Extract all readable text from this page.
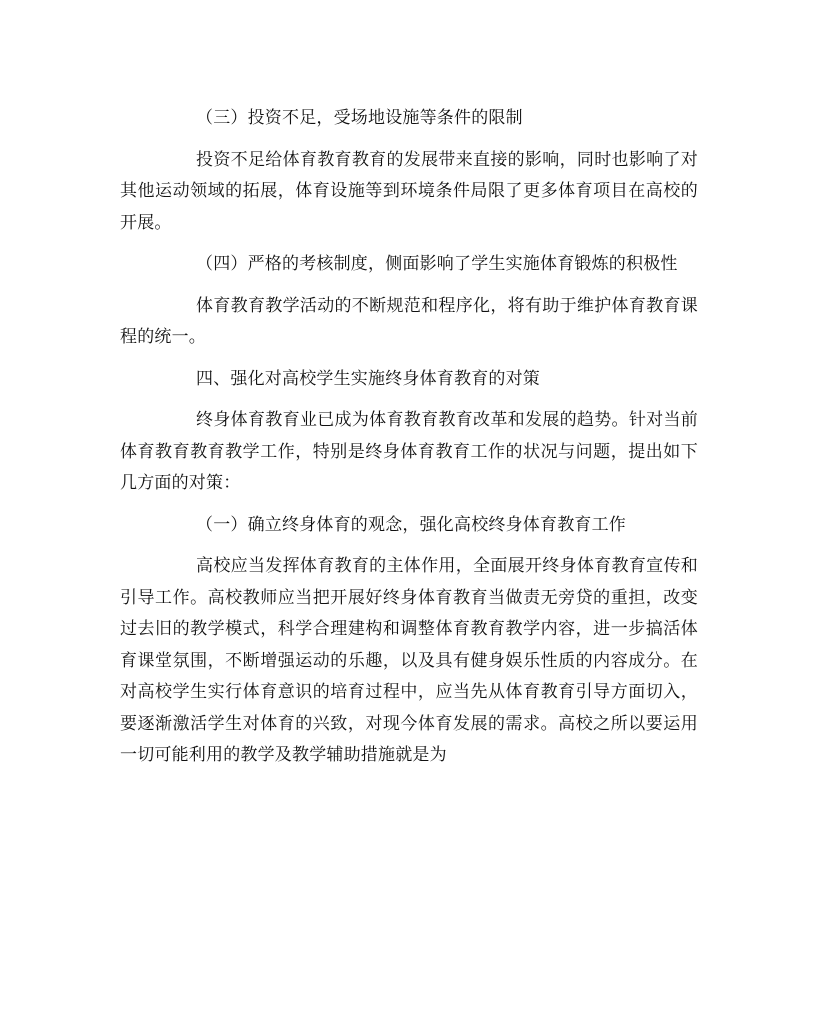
（三）投资不足，受场地设施等条件的限制

投资不足给体育教育教育的发展带来直接的影响，同时也影响了对其他运动领域的拓展，体育设施等到环境条件局限了更多体育项目在高校的开展。

（四）严格的考核制度，侧面影响了学生实施体育锻炼的积极性

体育教育教学活动的不断规范和程序化，将有助于维护体育教育课程的统一。

四、强化对高校学生实施终身体育教育的对策

终身体育教育业已成为体育教育教育改革和发展的趋势。针对当前体育教育教育教学工作，特别是终身体育教育工作的状况与问题，提出如下几方面的对策：

（一）确立终身体育的观念，强化高校终身体育教育工作

高校应当发挥体育教育的主体作用，全面展开终身体育教育宣传和引导工作。高校教师应当把开展好终身体育教育当做责无旁贷的重担，改变过去旧的教学模式，科学合理建构和调整体育教育教学内容，进一步搞活体育课堂氛围，不断增强运动的乐趣，以及具有健身娱乐性质的内容成分。在对高校学生实行体育意识的培育过程中，应当先从体育教育引导方面切入，要逐渐激活学生对体育的兴致，对现今体育发展的需求。高校之所以要运用一切可能利用的教学及教学辅助措施就是为
